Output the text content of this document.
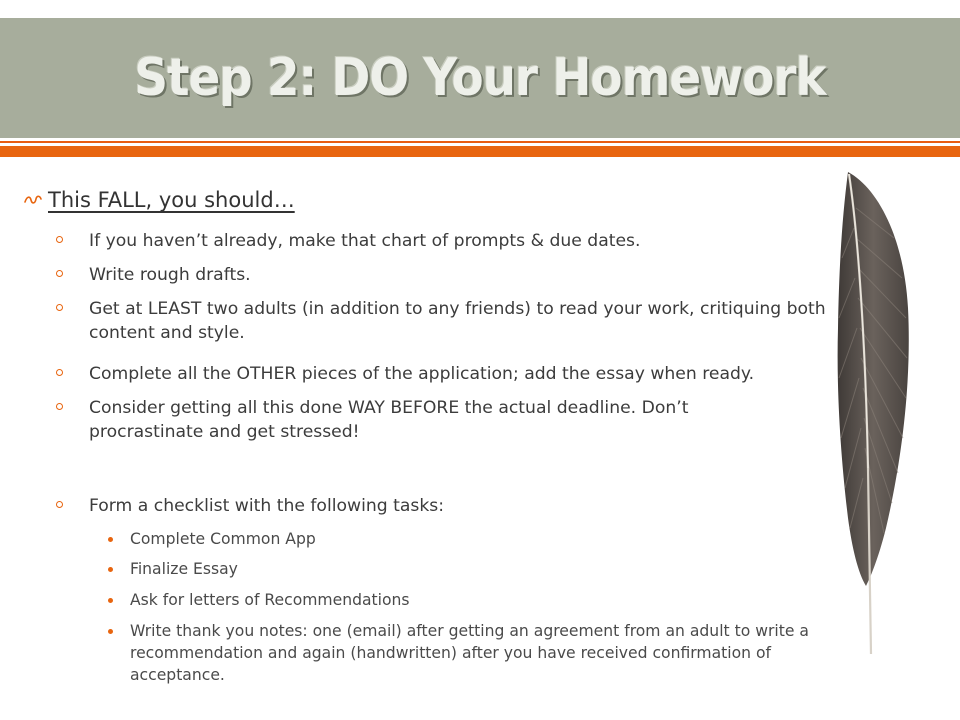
Step 2: DO Your Homework
This FALL, you should…
If you haven’t already, make that chart of prompts & due dates.
Write rough drafts.
Get at LEAST two adults (in addition to any friends) to read your work, critiquing both content and style.
Complete all the OTHER pieces of the application; add the essay when ready.
Consider getting all this done WAY BEFORE the actual deadline. Don’t procrastinate and get stressed!
Form a checklist with the following tasks:
Complete Common App
Finalize Essay
Ask for letters of Recommendations
Write thank you notes: one (email) after getting an agreement from an adult to write a recommendation and again (handwritten) after you have received confirmation of acceptance.
